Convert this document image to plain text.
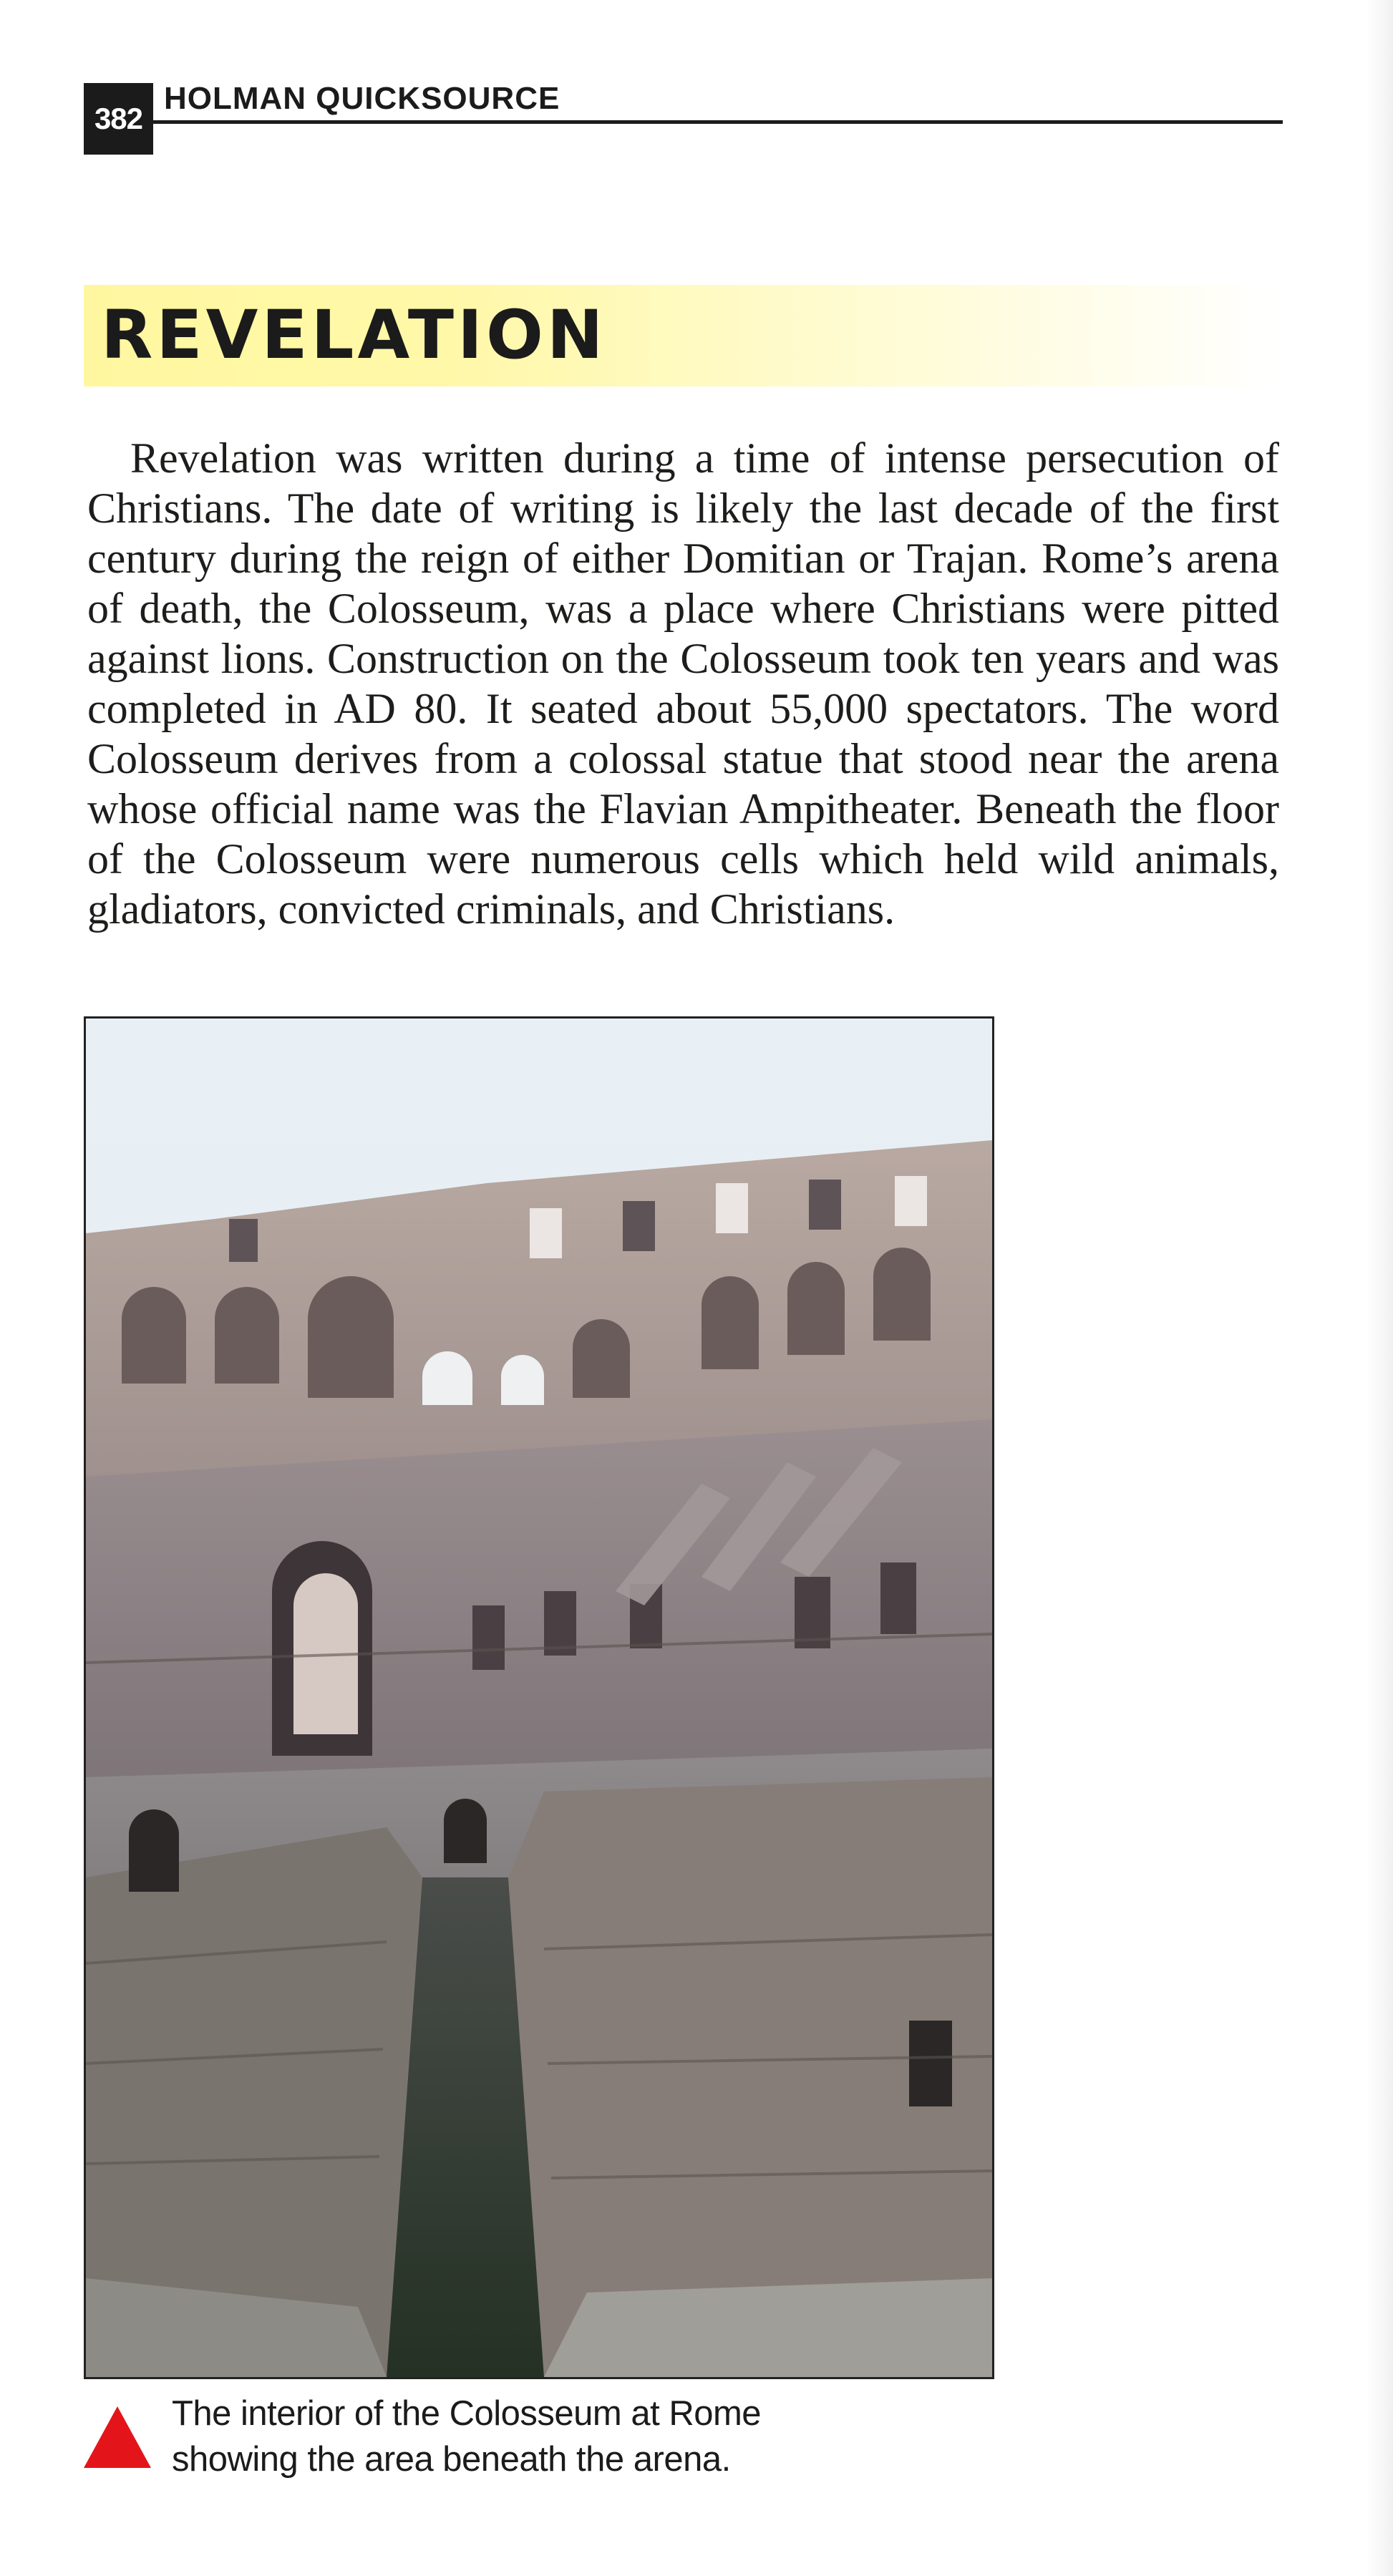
382
HOLMAN QUICKSOURCE
REVELATION

Revelation was written during a time of intense persecution of Christians. The date of writing is likely the last decade of the first century during the reign of either Domitian or Trajan. Rome’s arena of death, the Colosseum, was a place where Christians were pitted against lions. Construction on the Colosseum took ten years and was completed in AD 80. It seated about 55,000 spectators. The word Colosseum derives from a colossal statue that stood near the arena whose official name was the Flavian Ampitheater. Beneath the floor of the Colosseum were numerous cells which held wild animals, gladiators, convicted criminals, and Christians.

The interior of the Colosseum at Rome
showing the area beneath the arena.
